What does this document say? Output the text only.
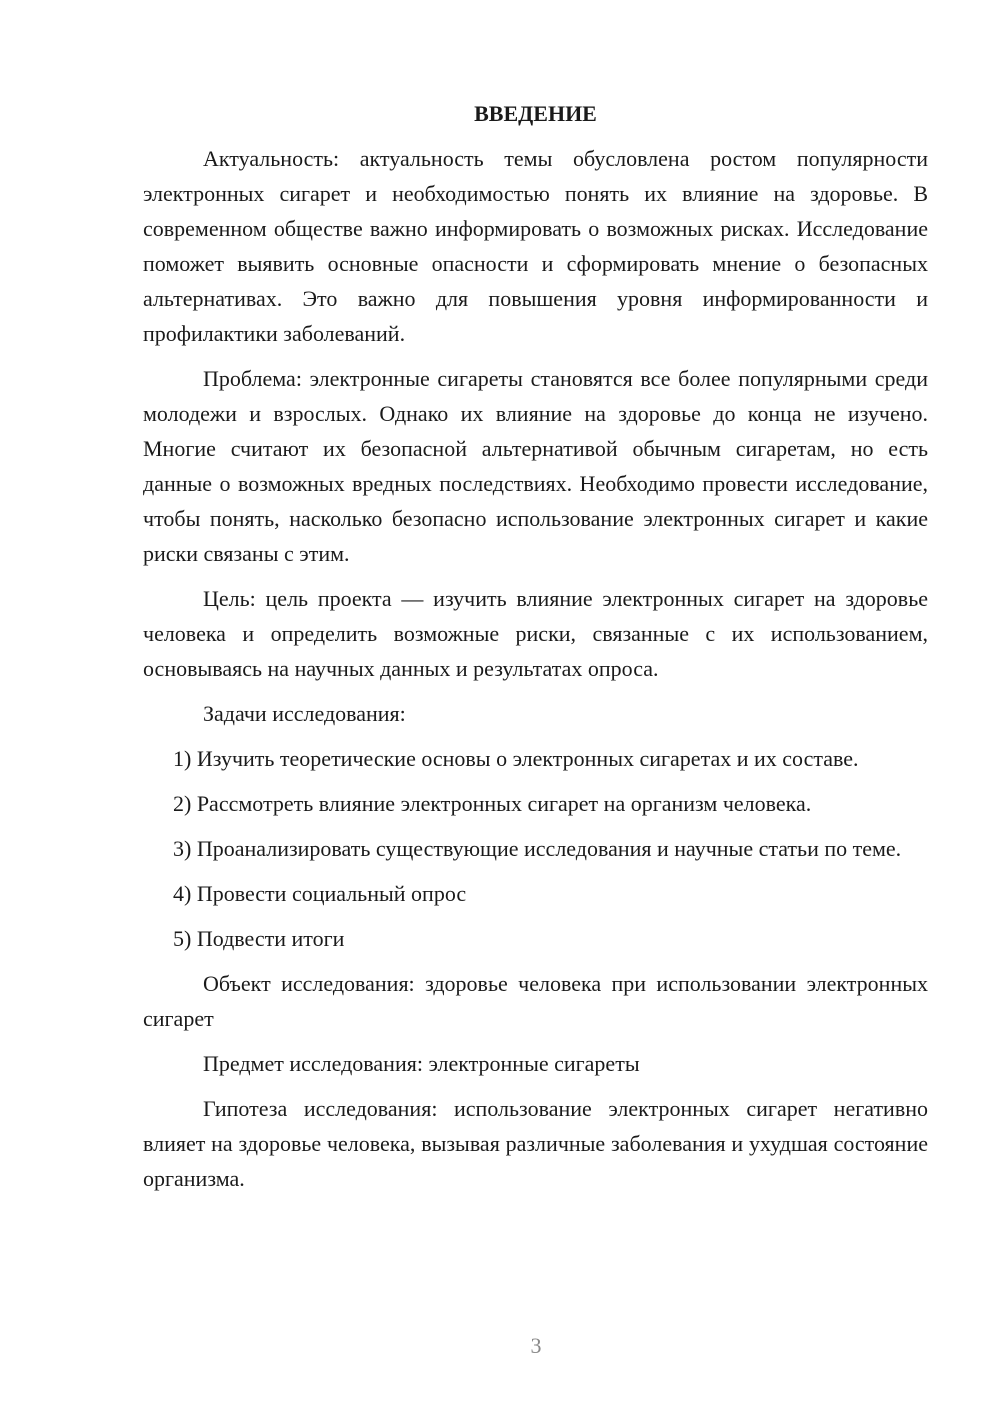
ВВЕДЕНИЕ

Актуальность: актуальность темы обусловлена ростом популярности электронных сигарет и необходимостью понять их влияние на здоровье. В современном обществе важно информировать о возможных рисках. Исследование поможет выявить основные опасности и сформировать мнение о безопасных альтернативах. Это важно для повышения уровня информированности и профилактики заболеваний.

Проблема: электронные сигареты становятся все более популярными среди молодежи и взрослых. Однако их влияние на здоровье до конца не изучено. Многие считают их безопасной альтернативой обычным сигаретам, но есть данные о возможных вредных последствиях. Необходимо провести исследование, чтобы понять, насколько безопасно использование электронных сигарет и какие риски связаны с этим.

Цель: цель проекта — изучить влияние электронных сигарет на здоровье человека и определить возможные риски, связанные с их использованием, основываясь на научных данных и результатах опроса.

Задачи исследования:

1) Изучить теоретические основы о электронных сигаретах и их составе.

2) Рассмотреть влияние электронных сигарет на организм человека.

3) Проанализировать существующие исследования и научные статьи по теме.

4) Провести социальный опрос

5) Подвести итоги

Объект исследования: здоровье человека при использовании электронных сигарет

Предмет исследования: электронные сигареты

Гипотеза исследования: использование электронных сигарет негативно влияет на здоровье человека, вызывая различные заболевания и ухудшая состояние организма.

3
